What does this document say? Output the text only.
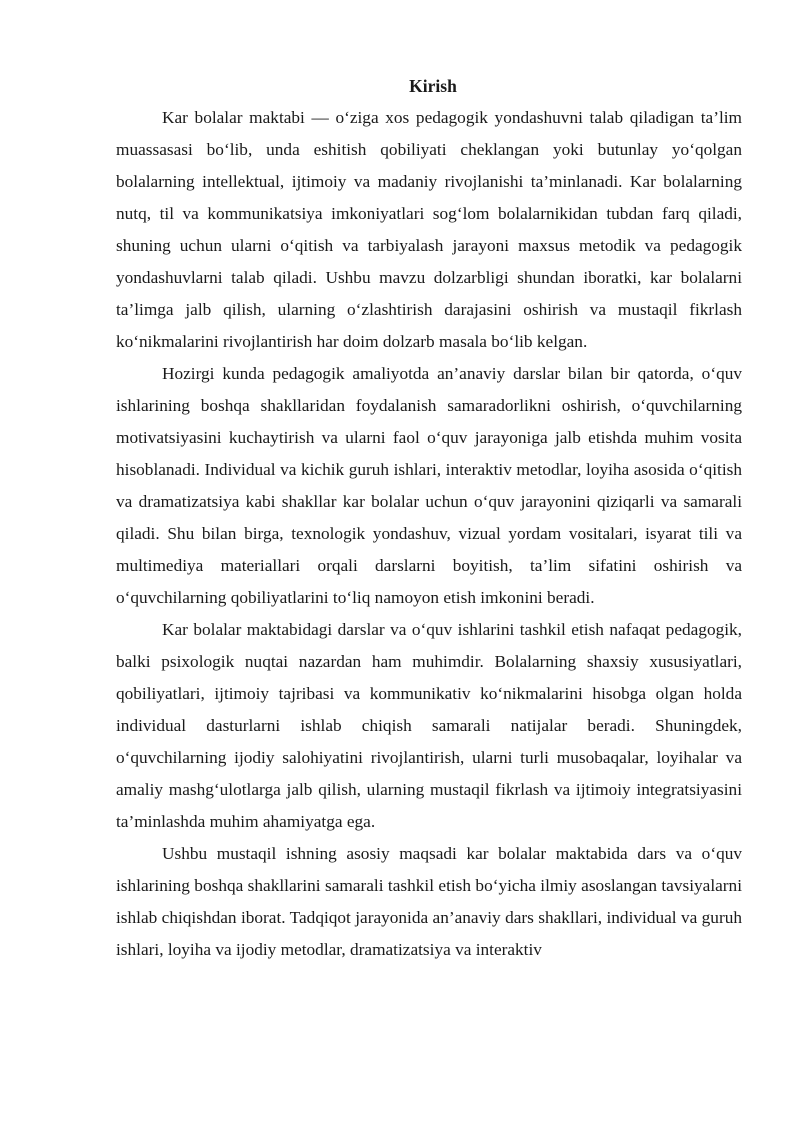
Kirish

Kar bolalar maktabi — o‘ziga xos pedagogik yondashuvni talab qiladigan ta’lim muassasasi bo‘lib, unda eshitish qobiliyati cheklangan yoki butunlay yo‘qolgan bolalarning intellektual, ijtimoiy va madaniy rivojlanishi ta’minlanadi. Kar bolalarning nutq, til va kommunikatsiya imkoniyatlari sog‘lom bolalarnikidan tubdan farq qiladi, shuning uchun ularni o‘qitish va tarbiyalash jarayoni maxsus metodik va pedagogik yondashuvlarni talab qiladi. Ushbu mavzu dolzarbligi shundan iboratki, kar bolalarni ta’limga jalb qilish, ularning o‘zlashtirish darajasini oshirish va mustaqil fikrlash ko‘nikmalarini rivojlantirish har doim dolzarb masala bo‘lib kelgan.

Hozirgi kunda pedagogik amaliyotda an’anaviy darslar bilan bir qatorda, o‘quv ishlarining boshqa shakllaridan foydalanish samaradorlikni oshirish, o‘quvchilarning motivatsiyasini kuchaytirish va ularni faol o‘quv jarayoniga jalb etishda muhim vosita hisoblanadi. Individual va kichik guruh ishlari, interaktiv metodlar, loyiha asosida o‘qitish va dramatizatsiya kabi shakllar kar bolalar uchun o‘quv jarayonini qiziqarli va samarali qiladi. Shu bilan birga, texnologik yondashuv, vizual yordam vositalari, isyarat tili va multimediya materiallari orqali darslarni boyitish, ta’lim sifatini oshirish va o‘quvchilarning qobiliyatlarini to‘liq namoyon etish imkonini beradi.

Kar bolalar maktabidagi darslar va o‘quv ishlarini tashkil etish nafaqat pedagogik, balki psixologik nuqtai nazardan ham muhimdir. Bolalarning shaxsiy xususiyatlari, qobiliyatlari, ijtimoiy tajribasi va kommunikativ ko‘nikmalarini hisobga olgan holda individual dasturlarni ishlab chiqish samarali natijalar beradi. Shuningdek, o‘quvchilarning ijodiy salohiyatini rivojlantirish, ularni turli musobaqalar, loyihalar va amaliy mashg‘ulotlarga jalb qilish, ularning mustaqil fikrlash va ijtimoiy integratsiyasini ta’minlashda muhim ahamiyatga ega.

Ushbu mustaqil ishning asosiy maqsadi kar bolalar maktabida dars va o‘quv ishlarining boshqa shakllarini samarali tashkil etish bo‘yicha ilmiy asoslangan tavsiyalarni ishlab chiqishdan iborat. Tadqiqot jarayonida an’anaviy dars shakllari, individual va guruh ishlari, loyiha va ijodiy metodlar, dramatizatsiya va interaktiv
